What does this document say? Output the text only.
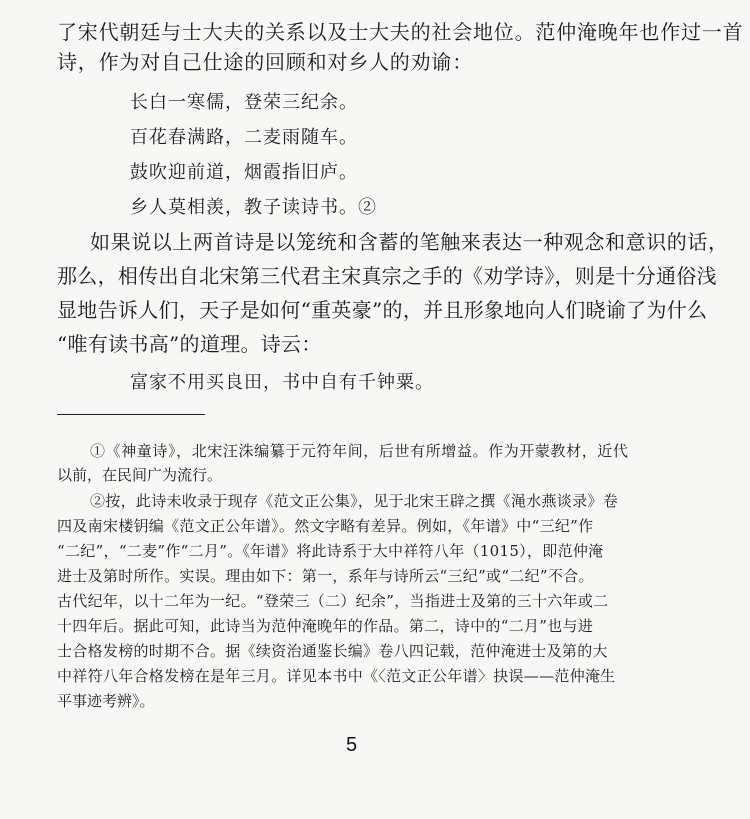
了宋代朝廷与士大夫的关系以及士大夫的社会地位。范仲淹晚年也作过一首
诗，作为对自己仕途的回顾和对乡人的劝谕：
长白一寒儒，登荣三纪余。
百花春满路，二麦雨随车。
鼓吹迎前道，烟霞指旧庐。
乡人莫相羡，教子读诗书。②
如果说以上两首诗是以笼统和含蓄的笔触来表达一种观念和意识的话，
那么，相传出自北宋第三代君主宋真宗之手的《劝学诗》，则是十分通俗浅
显地告诉人们，天子是如何“重英豪”的，并且形象地向人们晓谕了为什么
“唯有读书高”的道理。诗云：
富家不用买良田，书中自有千钟粟。
①《神童诗》，北宋汪洙编纂于元符年间，后世有所增益。作为开蒙教材，近代
以前，在民间广为流行。
②按，此诗未收录于现存《范文正公集》，见于北宋王辟之撰《渑水燕谈录》卷
四及南宋楼钥编《范文正公年谱》。然文字略有差异。例如，《年谱》中“三纪”作
“二纪”，“二麦”作“二月”。《年谱》将此诗系于大中祥符八年（1015），即范仲淹
进士及第时所作。实误。理由如下：第一，系年与诗所云“三纪”或“二纪”不合。
古代纪年，以十二年为一纪。“登荣三（二）纪余”，当指进士及第的三十六年或二
十四年后。据此可知，此诗当为范仲淹晚年的作品。第二，诗中的“二月”也与进
士合格发榜的时期不合。据《续资治通鉴长编》卷八四记载，范仲淹进士及第的大
中祥符八年合格发榜在是年三月。详见本书中《〈范文正公年谱〉抉误——范仲淹生
平事迹考辨》。
5
